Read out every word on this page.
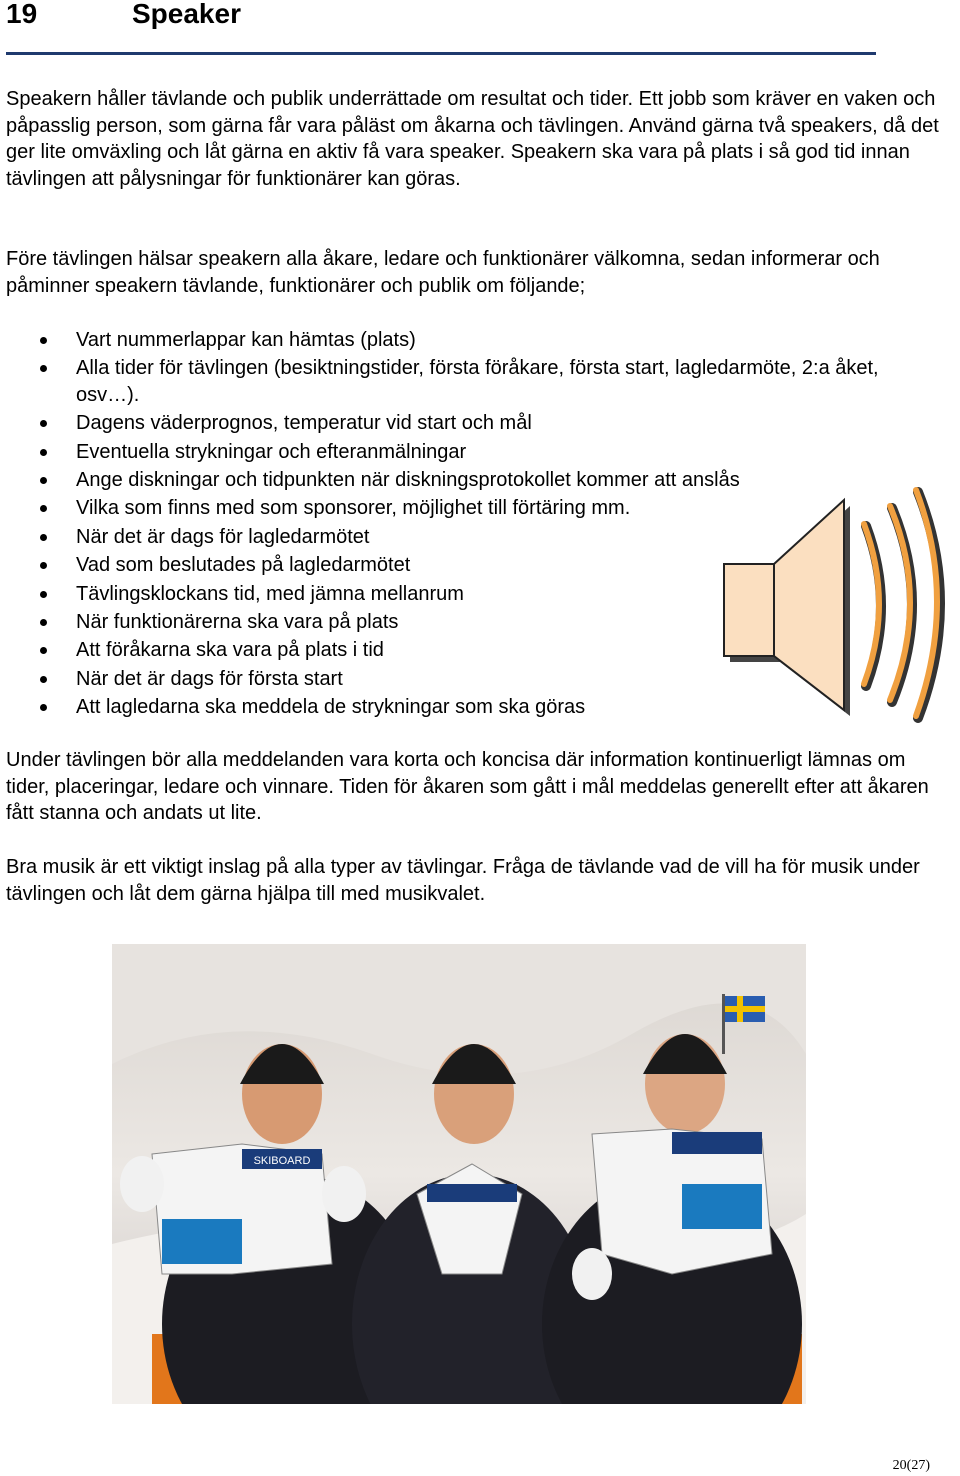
19	Speaker

Speakern håller tävlande och publik underrättade om resultat och tider. Ett jobb som kräver en vaken och påpasslig person, som gärna får vara påläst om åkarna och tävlingen. Använd gärna två speakers, då det ger lite omväxling och låt gärna en aktiv få vara speaker. Speakern ska vara på plats i så god tid innan tävlingen att pålysningar för funktionärer kan göras.

Före tävlingen hälsar speakern alla åkare, ledare och funktionärer välkomna, sedan informerar och påminner speakern tävlande, funktionärer och publik om följande;

Vart nummerlappar kan hämtas (plats)
Alla tider för tävlingen (besiktningstider, första föråkare, första start, lagledarmöte, 2:a åket, osv…).
Dagens väderprognos, temperatur vid start och mål
Eventuella strykningar och efteranmälningar
Ange diskningar och tidpunkten när diskningsprotokollet kommer att anslås
Vilka som finns med som sponsorer, möjlighet till förtäring mm.
När det är dags för lagledarmötet
Vad som beslutades på lagledarmötet
Tävlingsklockans tid, med jämna mellanrum
När funktionärerna ska vara på plats
Att föråkarna ska vara på plats i tid
När det är dags för första start
Att lagledarna ska meddela de strykningar som ska göras

Under tävlingen bör alla meddelanden vara korta och koncisa där information kontinuerligt lämnas om tider, placeringar, ledare och vinnare. Tiden för åkaren som gått i mål meddelas generellt efter att åkaren fått stanna och andats ut lite.

Bra musik är ett viktigt inslag på alla typer av tävlingar. Fråga de tävlande vad de vill ha för musik under tävlingen och låt dem gärna hjälpa till med musikvalet.

SKIBOARD
20(27)
